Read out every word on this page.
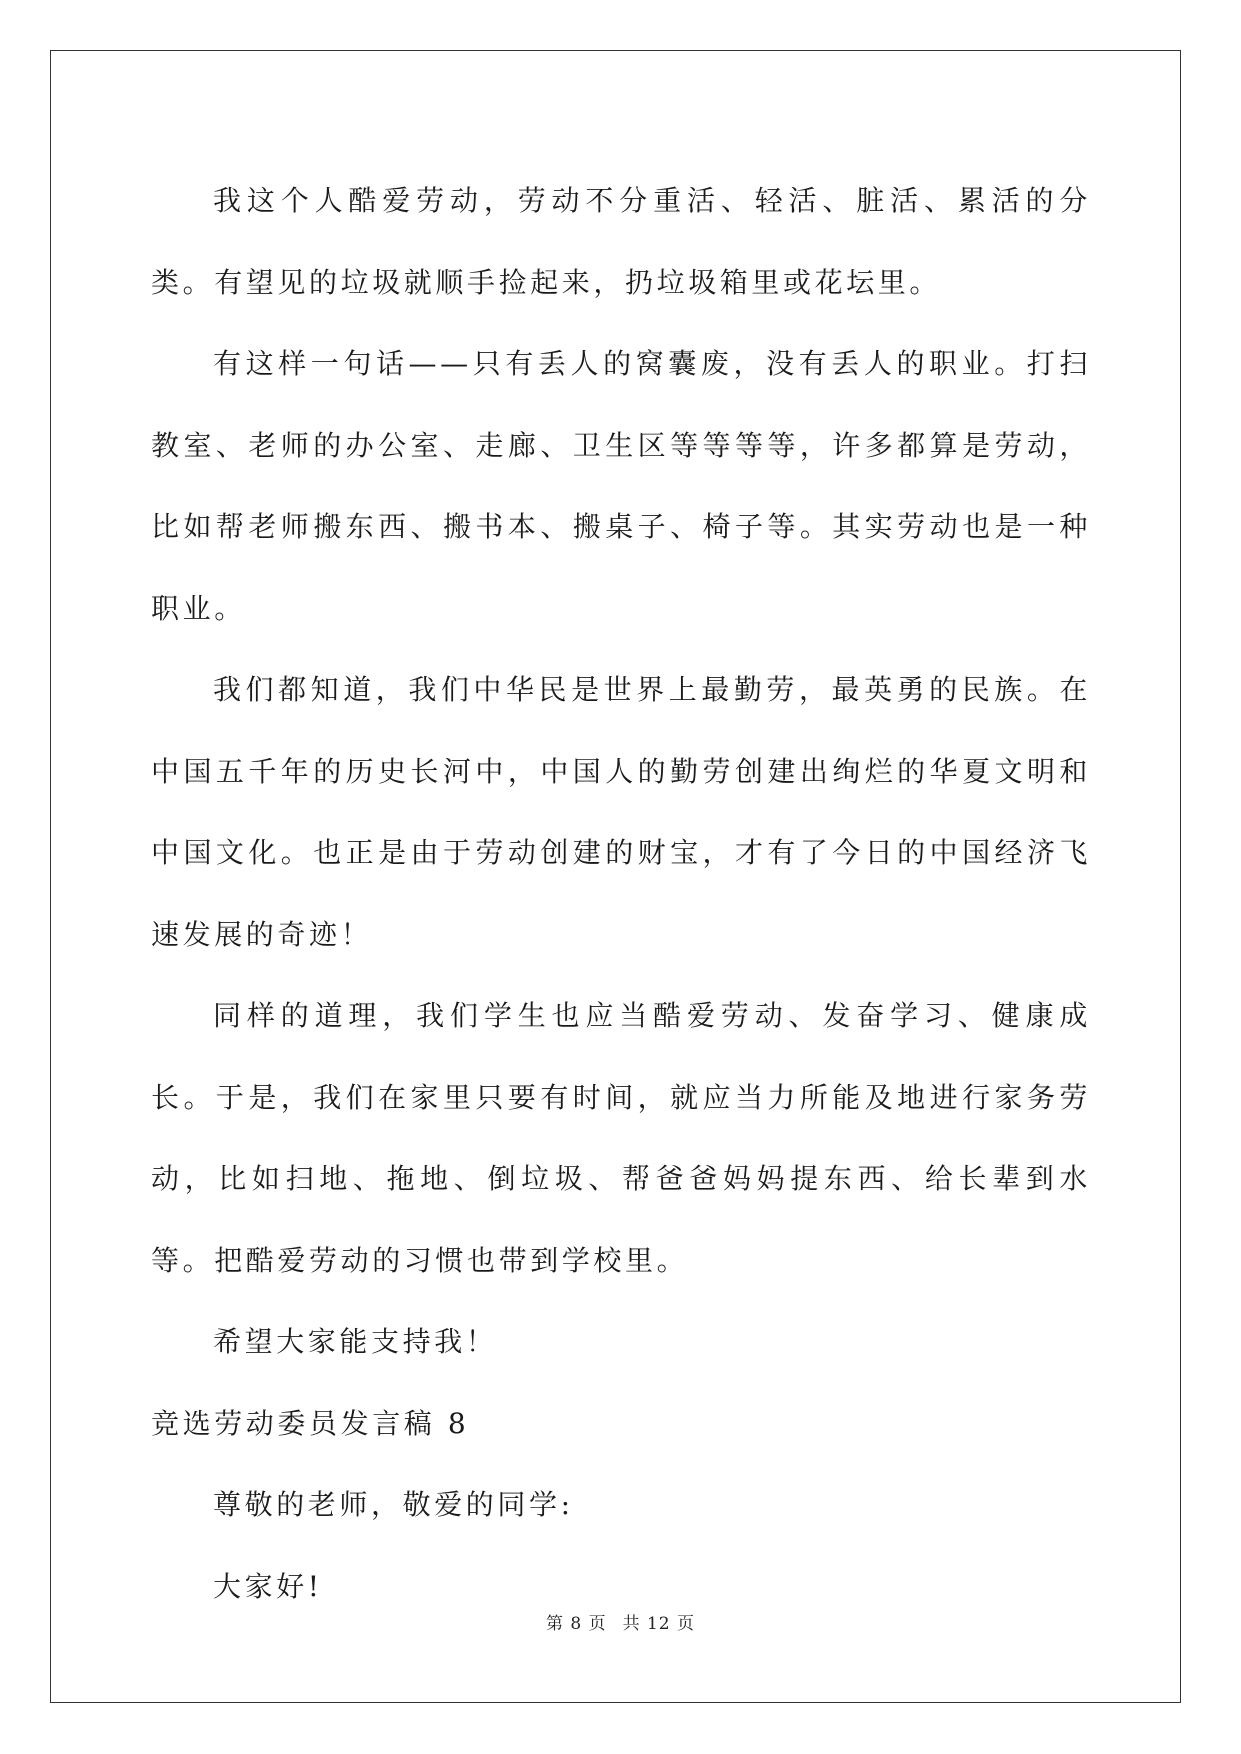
我这个人酷爱劳动，劳动不分重活、轻活、脏活、累活的分类。有望见的垃圾就顺手捡起来，扔垃圾箱里或花坛里。

有这样一句话——只有丢人的窝囊废，没有丢人的职业。打扫教室、老师的办公室、走廊、卫生区等等等等，许多都算是劳动，比如帮老师搬东西、搬书本、搬桌子、椅子等。其实劳动也是一种职业。

我们都知道，我们中华民是世界上最勤劳，最英勇的民族。在中国五千年的历史长河中，中国人的勤劳创建出绚烂的华夏文明和中国文化。也正是由于劳动创建的财宝，才有了今日的中国经济飞速发展的奇迹！

同样的道理，我们学生也应当酷爱劳动、发奋学习、健康成长。于是，我们在家里只要有时间，就应当力所能及地进行家务劳动，比如扫地、拖地、倒垃圾、帮爸爸妈妈提东西、给长辈到水等。把酷爱劳动的习惯也带到学校里。

希望大家能支持我！

竞选劳动委员发言稿 8

尊敬的老师，敬爱的同学:

大家好!

第 8 页 共 12 页
